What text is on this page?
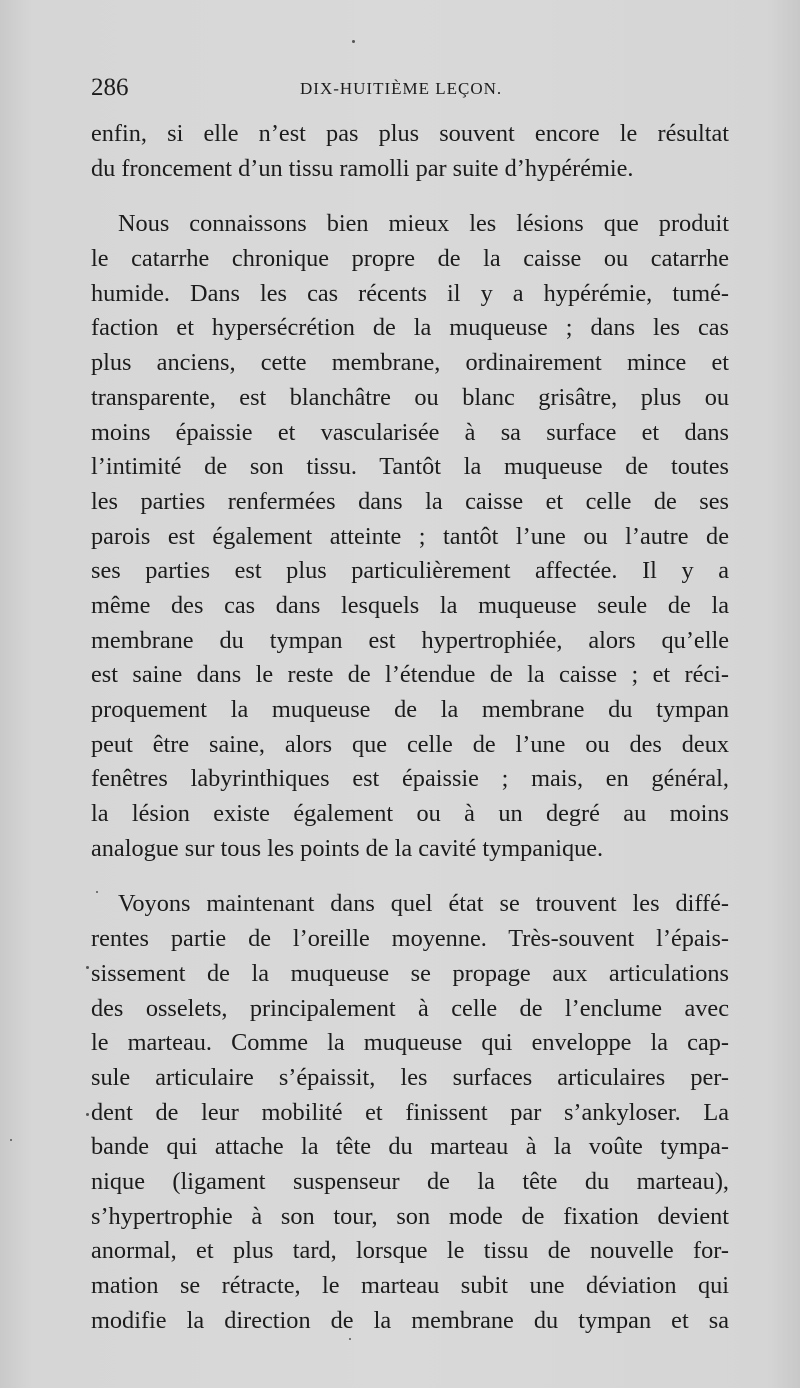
286	DIX-HUITIÈME LEÇON.
enfin, si elle n’est pas plus souvent encore le résultat
du froncement d’un tissu ramolli par suite d’hypérémie.
Nous connaissons bien mieux les lésions que produit
le catarrhe chronique propre de la caisse ou catarrhe
humide. Dans les cas récents il y a hypérémie, tumé-
faction et hypersécrétion de la muqueuse ; dans les cas
plus anciens, cette membrane, ordinairement mince et
transparente, est blanchâtre ou blanc grisâtre, plus ou
moins épaissie et vascularisée à sa surface et dans
l’intimité de son tissu. Tantôt la muqueuse de toutes
les parties renfermées dans la caisse et celle de ses
parois est également atteinte ; tantôt l’une ou l’autre de
ses parties est plus particulièrement affectée. Il y a
même des cas dans lesquels la muqueuse seule de la
membrane du tympan est hypertrophiée, alors qu’elle
est saine dans le reste de l’étendue de la caisse ; et réci-
proquement la muqueuse de la membrane du tympan
peut être saine, alors que celle de l’une ou des deux
fenêtres labyrinthiques est épaissie ; mais, en général,
la lésion existe également ou à un degré au moins
analogue sur tous les points de la cavité tympanique.
Voyons maintenant dans quel état se trouvent les diffé-
rentes partie de l’oreille moyenne. Très-souvent l’épais-
sissement de la muqueuse se propage aux articulations
des osselets, principalement à celle de l’enclume avec
le marteau. Comme la muqueuse qui enveloppe la cap-
sule articulaire s’épaissit, les surfaces articulaires per-
dent de leur mobilité et finissent par s’ankyloser. La
bande qui attache la tête du marteau à la voûte tympa-
nique (ligament suspenseur de la tête du marteau),
s’hypertrophie à son tour, son mode de fixation devient
anormal, et plus tard, lorsque le tissu de nouvelle for-
mation se rétracte, le marteau subit une déviation qui
modifie la direction de la membrane du tympan et sa
